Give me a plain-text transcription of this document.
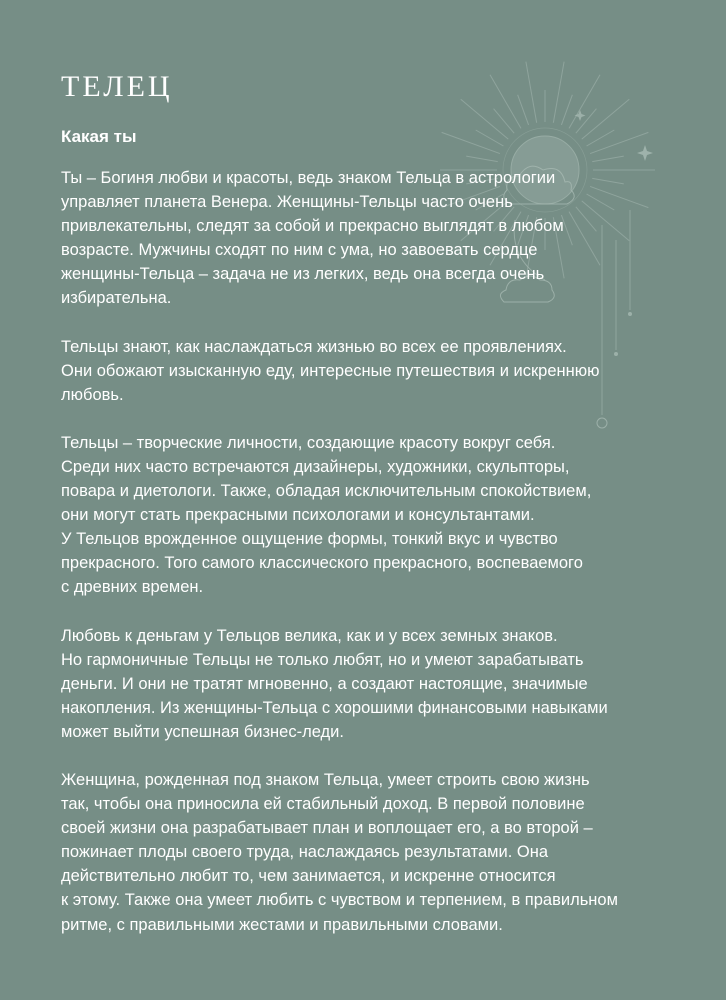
ТЕЛЕЦ
Какая ты

Ты – Богиня любви и красоты, ведь знаком Тельца в астрологии
управляет планета Венера. Женщины-Тельцы часто очень
привлекательны, следят за собой и прекрасно выглядят в любом
возрасте. Мужчины сходят по ним с ума, но завоевать сердце
женщины-Тельца – задача не из легких, ведь она всегда очень
избирательна.

Тельцы знают, как наслаждаться жизнью во всех ее проявлениях.
Они обожают изысканную еду, интересные путешествия и искреннюю
любовь.

Тельцы – творческие личности, создающие красоту вокруг себя.
Среди них часто встречаются дизайнеры, художники, скульпторы,
повара и диетологи. Также, обладая исключительным спокойствием,
они могут стать прекрасными психологами и консультантами.
У Тельцов врожденное ощущение формы, тонкий вкус и чувство
прекрасного. Того самого классического прекрасного, воспеваемого
с древних времен.

Любовь к деньгам у Тельцов велика, как и у всех земных знаков.
Но гармоничные Тельцы не только любят, но и умеют зарабатывать
деньги. И они не тратят мгновенно, а создают настоящие, значимые
накопления. Из женщины-Тельца с хорошими финансовыми навыками
может выйти успешная бизнес-леди.

Женщина, рожденная под знаком Тельца, умеет строить свою жизнь
так, чтобы она приносила ей стабильный доход. В первой половине
своей жизни она разрабатывает план и воплощает его, а во второй –
пожинает плоды своего труда, наслаждаясь результатами. Она
действительно любит то, чем занимается, и искренне относится
к этому. Также она умеет любить с чувством и терпением, в правильном
ритме, с правильными жестами и правильными словами.
